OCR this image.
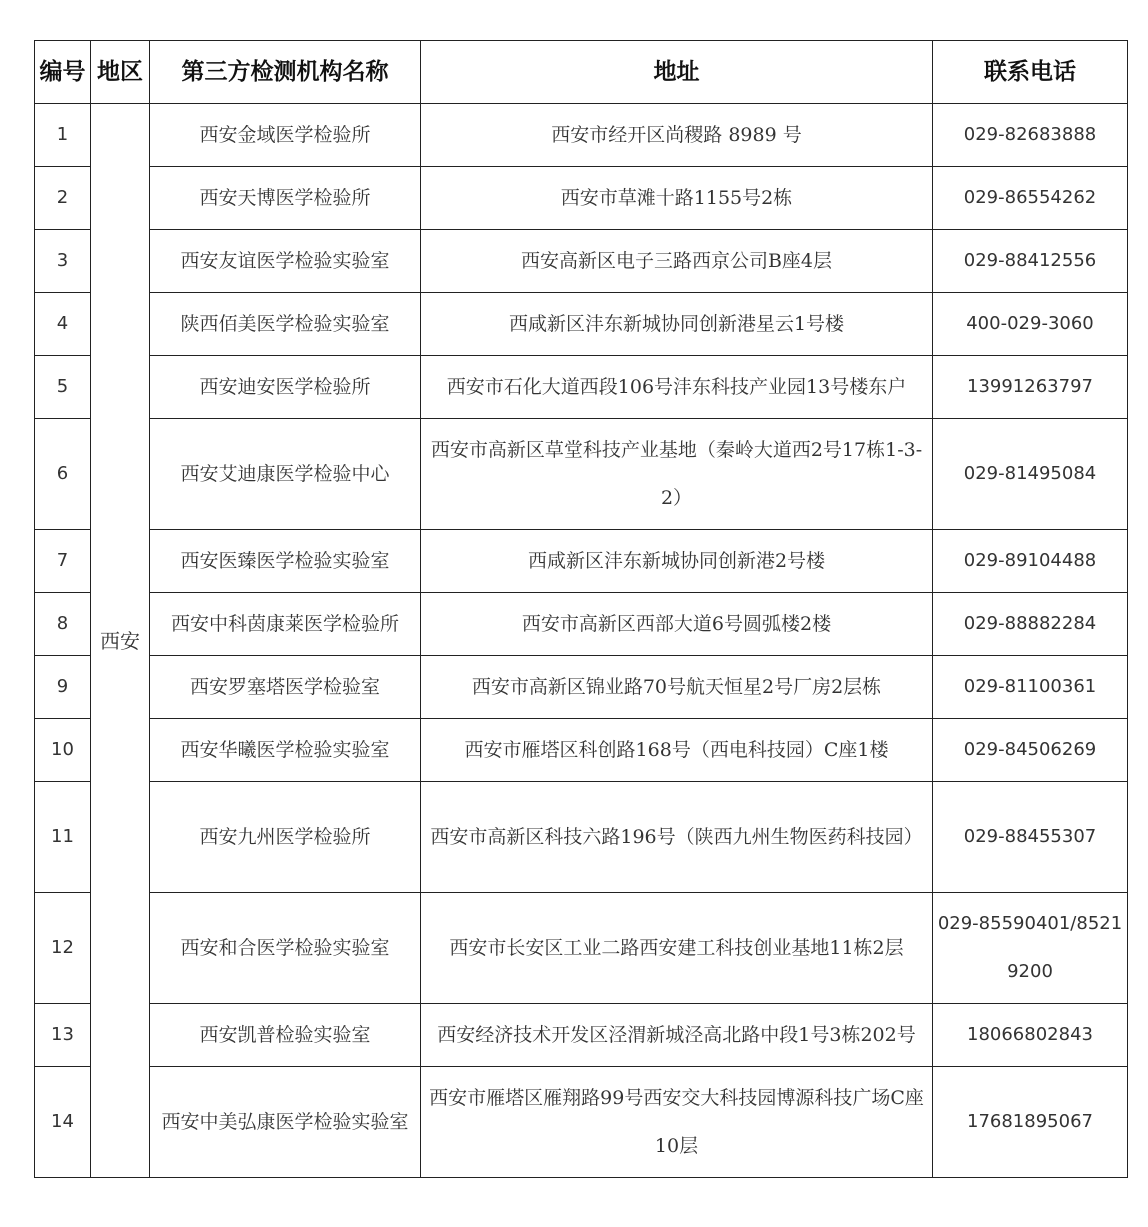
编号	地区	第三方检测机构名称	地址	联系电话
1	西安	西安金域医学检验所	西安市经开区尚稷路 8989 号	029-82683888
2		西安天博医学检验所	西安市草滩十路1155号2栋	029-86554262
3		西安友谊医学检验实验室	西安高新区电子三路西京公司B座4层	029-88412556
4		陕西佰美医学检验实验室	西咸新区沣东新城协同创新港星云1号楼	400-029-3060
5		西安迪安医学检验所	西安市石化大道西段106号沣东科技产业园13号楼东户	13991263797
6		西安艾迪康医学检验中心	西安市高新区草堂科技产业基地（秦岭大道西2号17栋1-3-2）	029-81495084
7		西安医臻医学检验实验室	西咸新区沣东新城协同创新港2号楼	029-89104488
8		西安中科茵康莱医学检验所	西安市高新区西部大道6号圆弧楼2楼	029-88882284
9		西安罗塞塔医学检验室	西安市高新区锦业路70号航天恒星2号厂房2层栋	029-81100361
10		西安华曦医学检验实验室	西安市雁塔区科创路168号（西电科技园）C座1楼	029-84506269
11		西安九州医学检验所	西安市高新区科技六路196号（陕西九州生物医药科技园）	029-88455307
12		西安和合医学检验实验室	西安市长安区工业二路西安建工科技创业基地11栋2层	029-85590401/85219200
13		西安凯普检验实验室	西安经济技术开发区泾渭新城泾高北路中段1号3栋202号	18066802843
14		西安中美弘康医学检验实验室	西安市雁塔区雁翔路99号西安交大科技园博源科技广场C座10层	17681895067
